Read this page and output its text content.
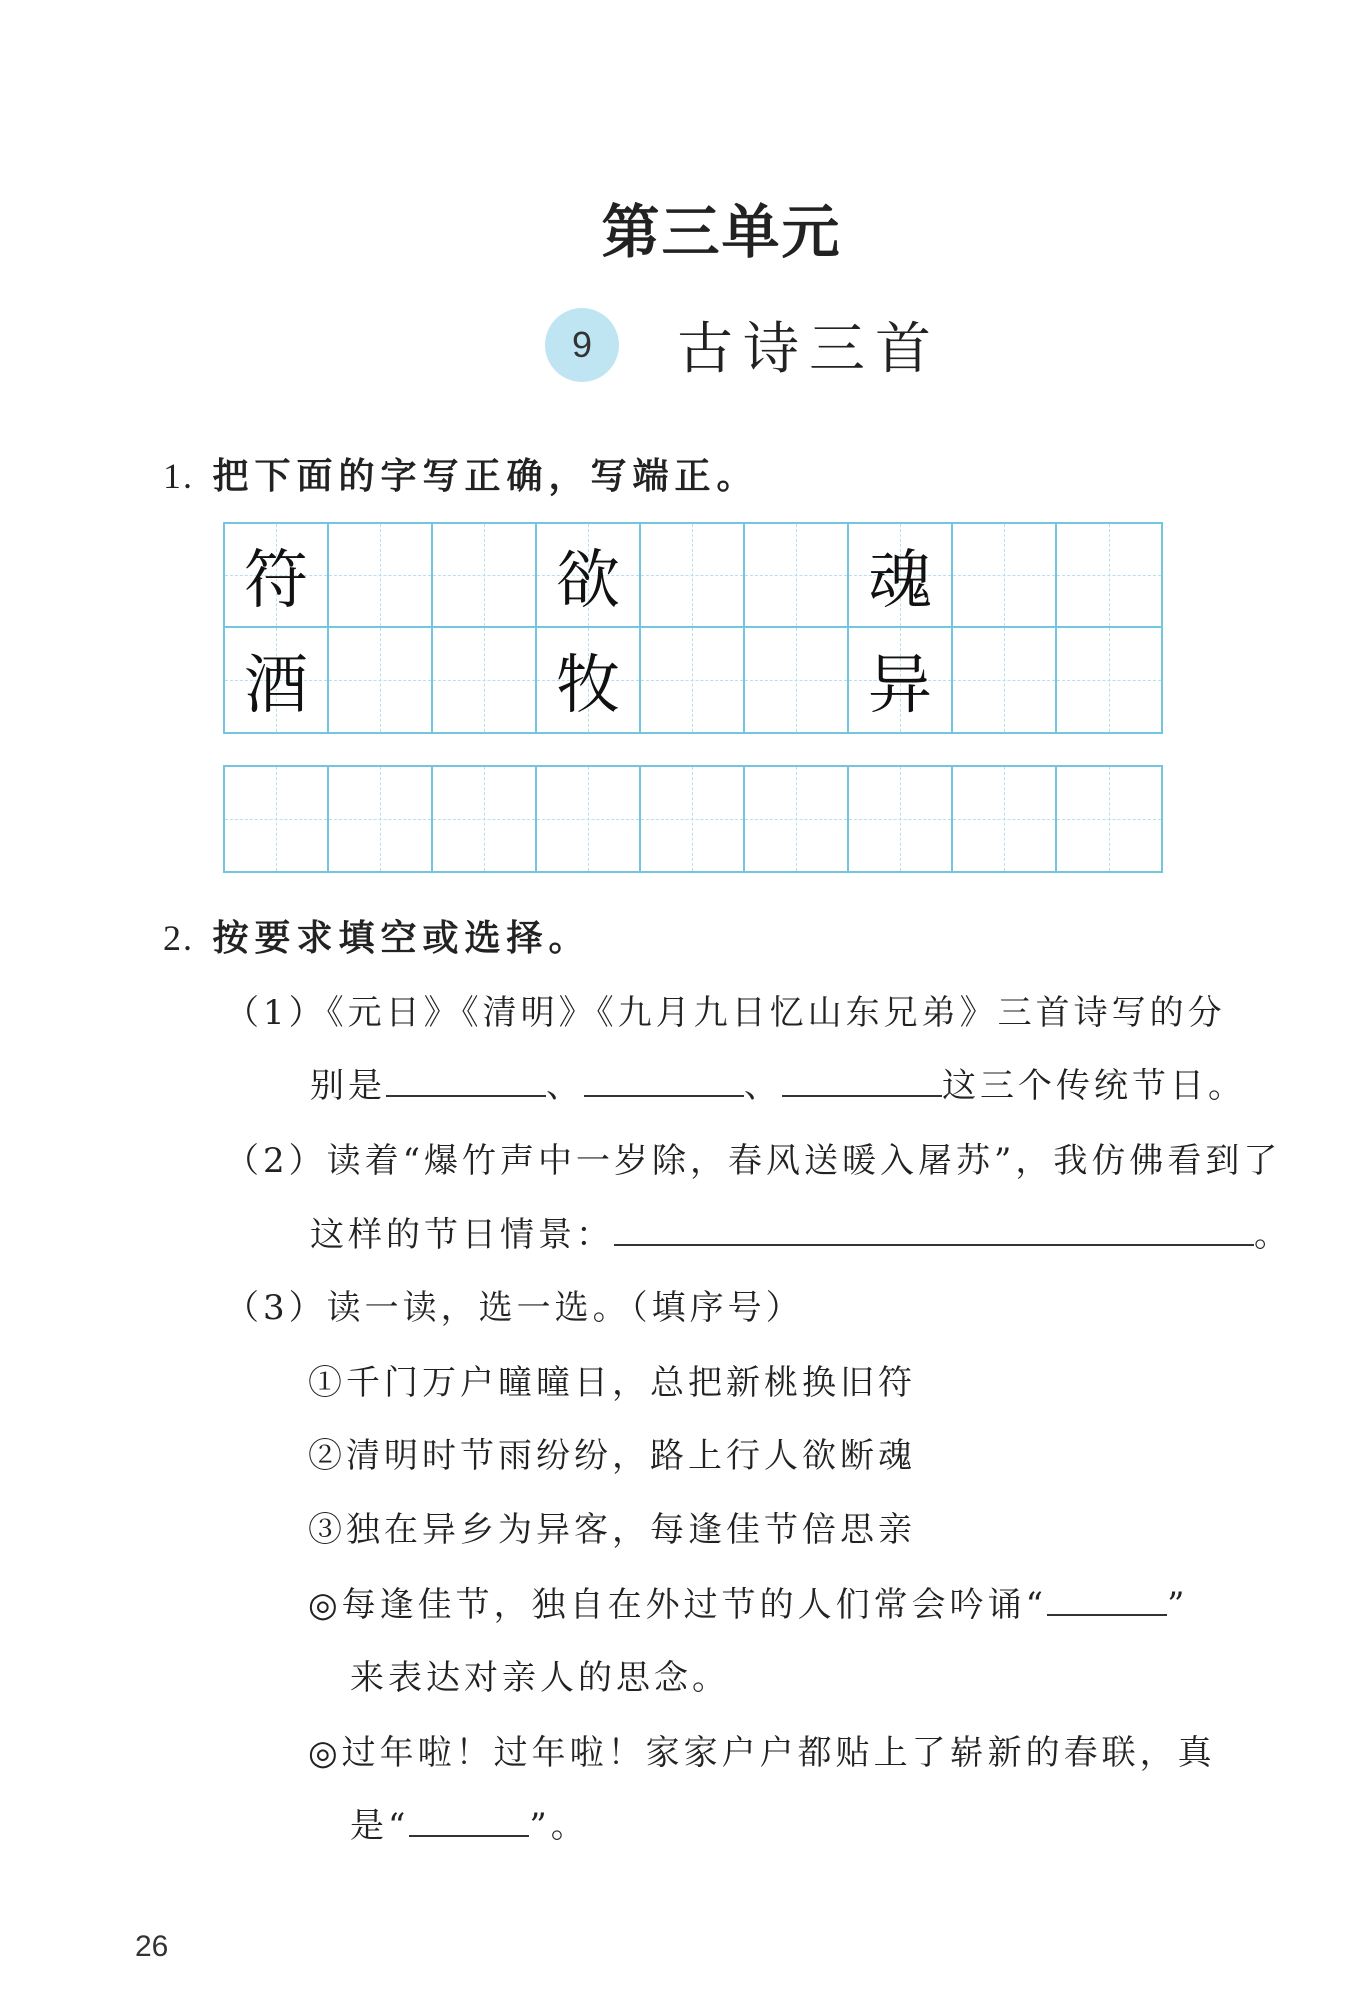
第三单元
9	古诗三首
1. 把下面的字写正确，写端正。
符	欲	魂
酒	牧	异
2. 按要求填空或选择。
（1）《元日》《清明》《九月九日忆山东兄弟》三首诗写的分
别是	、	、	这三个传统节日。
（2）读着“爆竹声中一岁除，春风送暖入屠苏”，我仿佛看到了
这样的节日情景：	。
（3）读一读，选一选。（填序号）
①千门万户曈曈日，总把新桃换旧符
②清明时节雨纷纷，路上行人欲断魂
③独在异乡为异客，每逢佳节倍思亲
◎每逢佳节，独自在外过节的人们常会吟诵“	”
来表达对亲人的思念。
◎过年啦！过年啦！家家户户都贴上了崭新的春联，真
是“	”。
26
